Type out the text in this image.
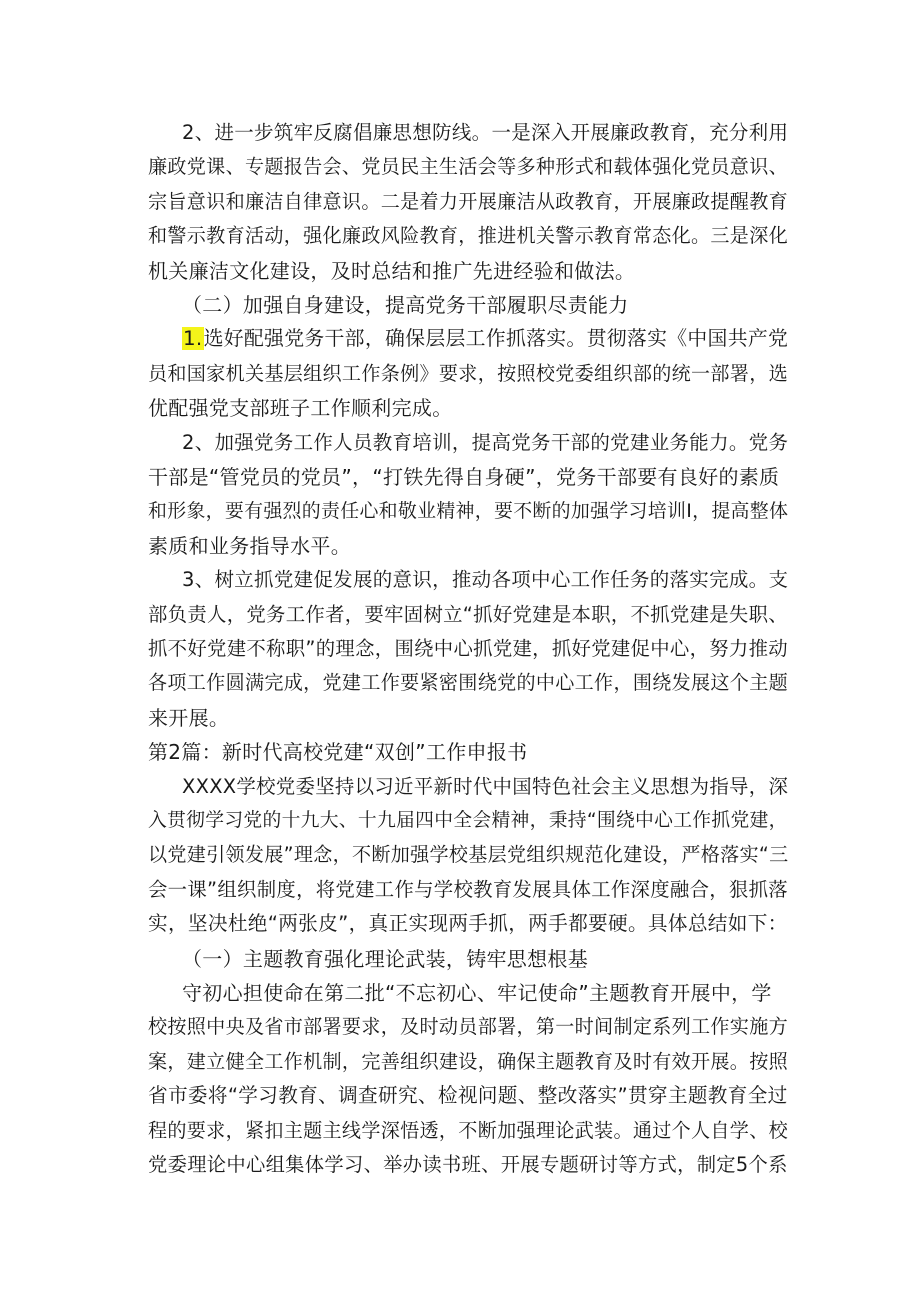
2、进一步筑牢反腐倡廉思想防线。一是深入开展廉政教育，充分利用
廉政党课、专题报告会、党员民主生活会等多种形式和载体强化党员意识、
宗旨意识和廉洁自律意识。二是着力开展廉洁从政教育，开展廉政提醒教育
和警示教育活动，强化廉政风险教育，推进机关警示教育常态化。三是深化
机关廉洁文化建设，及时总结和推广先进经验和做法。
（二）加强自身建设，提高党务干部履职尽责能力
1.选好配强党务干部，确保层层工作抓落实。贯彻落实《中国共产党
员和国家机关基层组织工作条例》要求，按照校党委组织部的统一部署，选
优配强党支部班子工作顺利完成。
2、加强党务工作人员教育培训，提高党务干部的党建业务能力。党务
干部是“管党员的党员”，“打铁先得自身硬”，党务干部要有良好的素质
和形象，要有强烈的责任心和敬业精神，要不断的加强学习培训I，提高整体
素质和业务指导水平。
3、树立抓党建促发展的意识，推动各项中心工作任务的落实完成。支
部负责人，党务工作者，要牢固树立“抓好党建是本职，不抓党建是失职、
抓不好党建不称职”的理念，围绕中心抓党建，抓好党建促中心，努力推动
各项工作圆满完成，党建工作要紧密围绕党的中心工作，围绕发展这个主题
来开展。
第2篇：新时代高校党建“双创”工作申报书
XXXX学校党委坚持以习近平新时代中国特色社会主义思想为指导，深
入贯彻学习党的十九大、十九届四中全会精神，秉持“围绕中心工作抓党建，
以党建引领发展”理念，不断加强学校基层党组织规范化建设，严格落实“三
会一课”组织制度，将党建工作与学校教育发展具体工作深度融合，狠抓落
实，坚决杜绝“两张皮”，真正实现两手抓，两手都要硬。具体总结如下：
（一）主题教育强化理论武装，铸牢思想根基
守初心担使命在第二批“不忘初心、牢记使命”主题教育开展中，学
校按照中央及省市部署要求，及时动员部署，第一时间制定系列工作实施方
案，建立健全工作机制，完善组织建设，确保主题教育及时有效开展。按照
省市委将“学习教育、调查研究、检视问题、整改落实”贯穿主题教育全过
程的要求，紧扣主题主线学深悟透，不断加强理论武装。通过个人自学、校
党委理论中心组集体学习、举办读书班、开展专题研讨等方式，制定5个系
